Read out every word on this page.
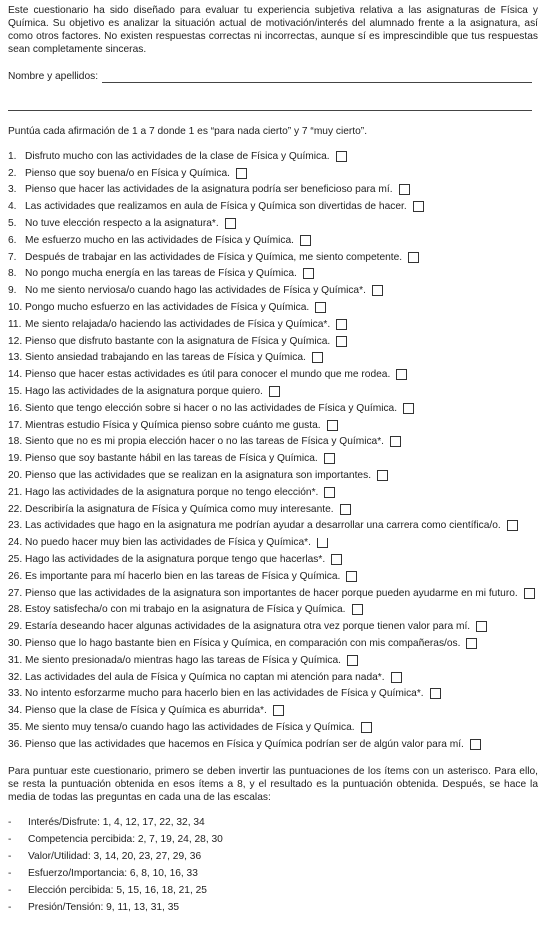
Este cuestionario ha sido diseñado para evaluar tu experiencia subjetiva relativa a las asignaturas de Física y Química. Su objetivo es analizar la situación actual de motivación/interés del alumnado frente a la asignatura, así como otros factores. No existen respuestas correctas ni incorrectas, aunque sí es imprescindible que tus respuestas sean completamente sinceras.

Nombre y apellidos:

Puntúa cada afirmación de 1 a 7 donde 1 es “para nada cierto” y 7 “muy cierto”.

1. Disfruto mucho con las actividades de la clase de Física y Química.
2. Pienso que soy buena/o en Física y Química.
3. Pienso que hacer las actividades de la asignatura podría ser beneficioso para mí.
4. Las actividades que realizamos en aula de Física y Química son divertidas de hacer.
5. No tuve elección respecto a la asignatura*.
6. Me esfuerzo mucho en las actividades de Física y Química.
7. Después de trabajar en las actividades de Física y Química, me siento competente.
8. No pongo mucha energía en las tareas de Física y Química.
9. No me siento nerviosa/o cuando hago las actividades de Física y Química*.
10. Pongo mucho esfuerzo en las actividades de Física y Química.
11. Me siento relajada/o haciendo las actividades de Física y Química*.
12. Pienso que disfruto bastante con la asignatura de Física y Química.
13. Siento ansiedad trabajando en las tareas de Física y Química.
14. Pienso que hacer estas actividades es útil para conocer el mundo que me rodea.
15. Hago las actividades de la asignatura porque quiero.
16. Siento que tengo elección sobre si hacer o no las actividades de Física y Química.
17. Mientras estudio Física y Química pienso sobre cuánto me gusta.
18. Siento que no es mi propia elección hacer o no las tareas de Física y Química*.
19. Pienso que soy bastante hábil en las tareas de Física y Química.
20. Pienso que las actividades que se realizan en la asignatura son importantes.
21. Hago las actividades de la asignatura porque no tengo elección*.
22. Describiría la asignatura de Física y Química como muy interesante.
23. Las actividades que hago en la asignatura me podrían ayudar a desarrollar una carrera como científica/o.
24. No puedo hacer muy bien las actividades de Física y Química*.
25. Hago las actividades de la asignatura porque tengo que hacerlas*.
26. Es importante para mí hacerlo bien en las tareas de Física y Química.
27. Pienso que las actividades de la asignatura son importantes de hacer porque pueden ayudarme en mi futuro.
28. Estoy satisfecha/o con mi trabajo en la asignatura de Física y Química.
29. Estaría deseando hacer algunas actividades de la asignatura otra vez porque tienen valor para mí.
30. Pienso que lo hago bastante bien en Física y Química, en comparación con mis compañeras/os.
31. Me siento presionada/o mientras hago las tareas de Física y Química.
32. Las actividades del aula de Física y Química no captan mi atención para nada*.
33. No intento esforzarme mucho para hacerlo bien en las actividades de Física y Química*.
34. Pienso que la clase de Física y Química es aburrida*.
35. Me siento muy tensa/o cuando hago las actividades de Física y Química.
36. Pienso que las actividades que hacemos en Física y Química podrían ser de algún valor para mí.

Para puntuar este cuestionario, primero se deben invertir las puntuaciones de los ítems con un asterisco. Para ello, se resta la puntuación obtenida en esos ítems a 8, y el resultado es la puntuación obtenida. Después, se hace la media de todas las preguntas en cada una de las escalas:

-	Interés/Disfrute: 1, 4, 12, 17, 22, 32, 34
-	Competencia percibida: 2, 7, 19, 24, 28, 30
-	Valor/Utilidad: 3, 14, 20, 23, 27, 29, 36
-	Esfuerzo/Importancia: 6, 8, 10, 16, 33
-	Elección percibida: 5, 15, 16, 18, 21, 25
-	Presión/Tensión: 9, 11, 13, 31, 35
